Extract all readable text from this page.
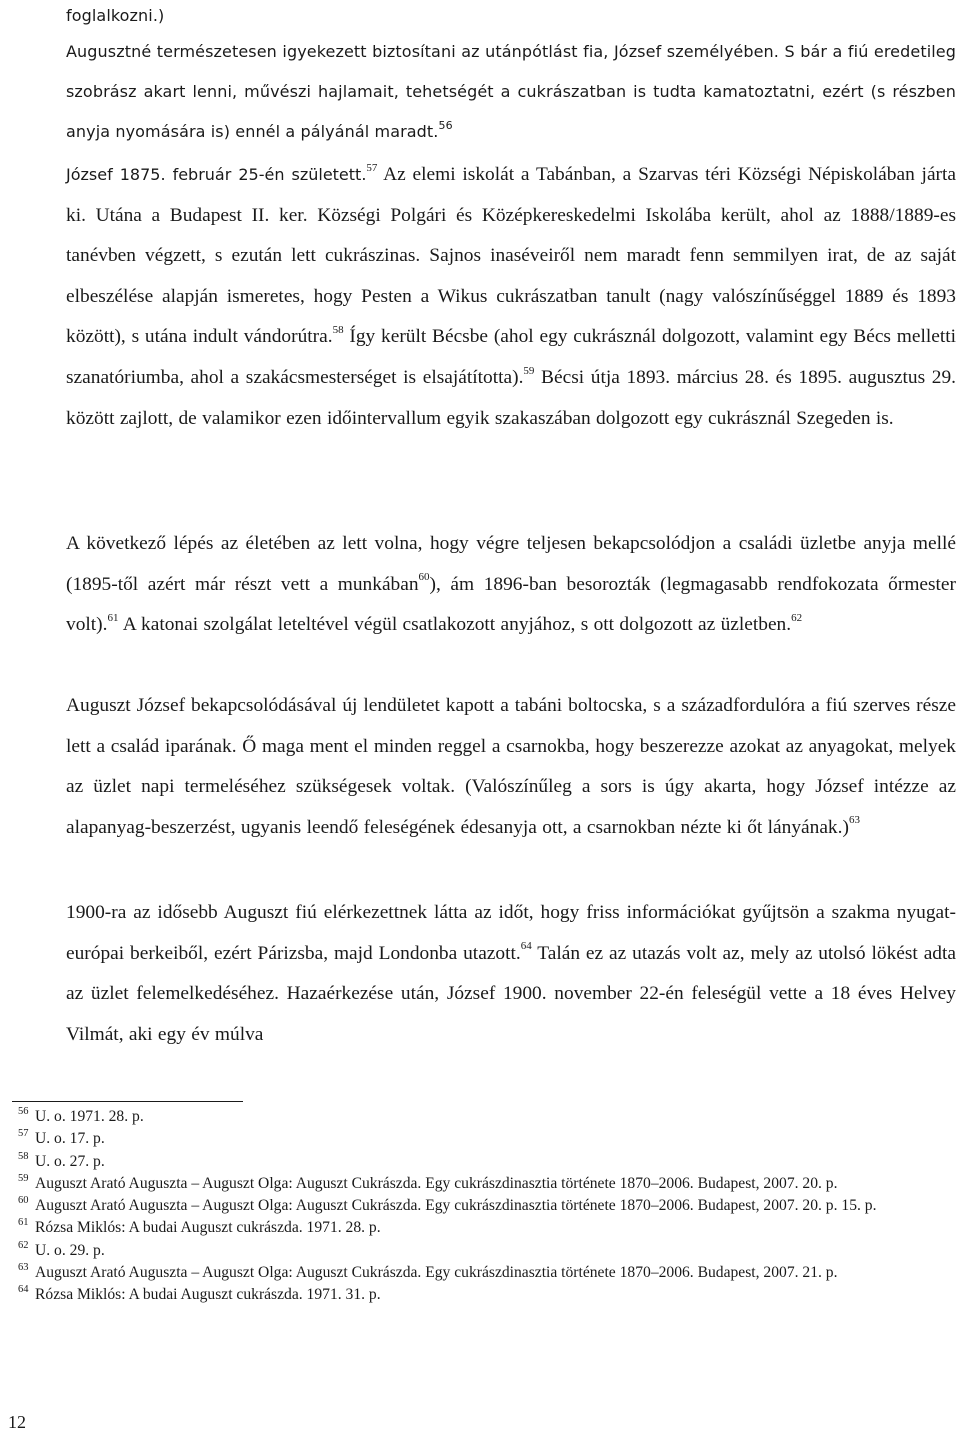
foglalkozni.)

Augusztné természetesen igyekezett biztosítani az utánpótlást fia, József személyében. S bár a fiú eredetileg szobrász akart lenni, művészi hajlamait, tehetségét a cukrászatban is tudta kamatoztatni, ezért (s részben anyja nyomására is) ennél a pályánál maradt.$^{56}$

József 1875. február 25-én született.$^{57}$ Az elemi iskolát a Tabánban, a Szarvas téri Községi Népiskolában járta ki. Utána a Budapest II. ker. Községi Polgári és Középkereskedelmi Iskolába került, ahol az 1888/1889-es tanévben végzett, s ezután lett cukrászinas. Sajnos inaséveiről nem maradt fenn semmilyen irat, de az saját elbeszélése alapján ismeretes, hogy Pesten a Wikus cukrászatban tanult (nagy valószínűséggel 1889 és 1893 között), s utána indult vándorútra.$^{58}$ Így került Bécsbe (ahol egy cukrásznál dolgozott, valamint egy Bécs melletti szanatóriumba, ahol a szakácsmesterséget is elsajátította).$^{59}$ Bécsi útja 1893. március 28. és 1895. augusztus 29. között zajlott, de valamikor ezen időintervallum egyik szakaszában dolgozott egy cukrásznál Szegeden is.

A következő lépés az életében az lett volna, hogy végre teljesen bekapcsolódjon a családi üzletbe anyja mellé (1895-től azért már részt vett a munkában$^{60}$), ám 1896-ban besorozták (legmagasabb rendfokozata őrmester volt).$^{61}$ A katonai szolgálat leteltével végül csatlakozott anyjához, s ott dolgozott az üzletben.$^{62}$

Auguszt József bekapcsolódásával új lendületet kapott a tabáni boltocska, s a századfordulóra a fiú szerves része lett a család iparának. Ő maga ment el minden reggel a csarnokba, hogy beszerezze azokat az anyagokat, melyek az üzlet napi termeléséhez szükségesek voltak. (Valószínűleg a sors is úgy akarta, hogy József intézze az alapanyag-beszerzést, ugyanis leendő feleségének édesanyja ott, a csarnokban nézte ki őt lányának.)$^{63}$

1900-ra az idősebb Auguszt fiú elérkezettnek látta az időt, hogy friss információkat gyűjtsön a szakma nyugat-európai berkeiből, ezért Párizsba, majd Londonba utazott.$^{64}$ Talán ez az utazás volt az, mely az utolsó lökést adta az üzlet felemelkedéséhez. Hazaérkezése után, József 1900. november 22-én feleségül vette a 18 éves Helvey Vilmát, aki egy év múlva

56 U. o. 1971. 28. p.
57 U. o. 17. p.
58 U. o. 27. p.
59 Auguszt Arató Auguszta – Auguszt Olga: Auguszt Cukrászda. Egy cukrászdinasztia története 1870–2006. Budapest, 2007. 20. p.
60 Auguszt Arató Auguszta – Auguszt Olga: Auguszt Cukrászda. Egy cukrászdinasztia története 1870–2006. Budapest, 2007. 20. p. 15. p.
61 Rózsa Miklós: A budai Auguszt cukrászda. 1971. 28. p.
62 U. o. 29. p.
63 Auguszt Arató Auguszta – Auguszt Olga: Auguszt Cukrászda. Egy cukrászdinasztia története 1870–2006. Budapest, 2007. 21. p.
64 Rózsa Miklós: A budai Auguszt cukrászda. 1971. 31. p.
12
